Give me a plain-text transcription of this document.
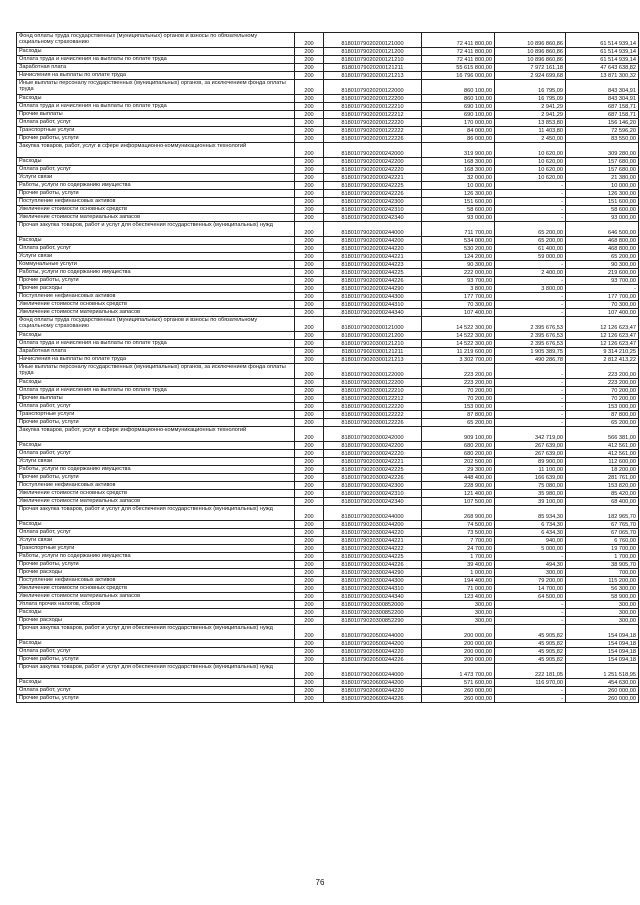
Фонд оплаты труда государственных (муниципальных) органов и взносы по обязательному социальному страхованию	200	81801079020200121000	72 411 800,00	10 896 860,86	61 514 939,14
Расходы	200	81801079020200121200	72 411 800,00	10 896 860,86	61 514 939,14
Оплата труда и начисления на выплаты по оплате труда	200	81801079020200121210	72 411 800,00	10 896 860,86	61 514 939,14
Заработная плата	200	81801079020200121211	55 615 800,00	7 972 161,18	47 643 638,82
Начисления на выплаты по оплате труда	200	81801079020200121213	16 796 000,00	2 924 699,68	13 871 300,32
Иные выплаты персоналу государственных (муниципальных) органов, за исключением фонда оплаты труда	200	81801079020200122000	860 100,00	16 795,09	843 304,91
Расходы	200	81801079020200122200	860 100,00	16 795,09	843 304,91
Оплата труда и начисления на выплаты по оплате труда	200	81801079020200122210	690 100,00	2 941,29	687 158,71
Прочие выплаты	200	81801079020200122212	690 100,00	2 941,29	687 158,71
Оплата работ, услуг	200	81801079020200122220	170 000,00	13 853,80	156 146,20
Транспортные услуги	200	81801079020200122222	84 000,00	11 403,80	72 596,20
Прочие работы, услуги	200	81801079020200122226	86 000,00	2 450,00	83 550,00
Закупка товаров, работ, услуг в сфере информационно-коммуникационных технологий	200	81801079020200242000	319 900,00	10 620,00	309 280,00
Расходы	200	81801079020200242200	168 300,00	10 620,00	157 680,00
Оплата работ, услуг	200	81801079020200242220	168 300,00	10 620,00	157 680,00
Услуги связи	200	81801079020200242221	32 000,00	10 620,00	21 380,00
Работы, услуги по содержанию имущества	200	81801079020200242225	10 000,00	-	10 000,00
Прочие работы, услуги	200	81801079020200242226	126 300,00	-	126 300,00
Поступление нефинансовых активов	200	81801079020200242300	151 600,00	-	151 600,00
Увеличение стоимости основных средств	200	81801079020200242310	58 600,00	-	58 600,00
Увеличение стоимости материальных запасов	200	81801079020200242340	93 000,00	-	93 000,00
Прочая закупка товаров, работ и услуг для обеспечения государственных (муниципальных) нужд	200	81801079020200244000	711 700,00	65 200,00	646 500,00
Расходы	200	81801079020200244200	534 000,00	65 200,00	468 800,00
Оплата работ, услуг	200	81801079020200244220	530 200,00	61 400,00	468 800,00
Услуги связи	200	81801079020200244221	124 200,00	59 000,00	65 200,00
Коммунальные услуги	200	81801079020200244223	90 300,00	-	90 300,00
Работы, услуги по содержанию имущества	200	81801079020200244225	222 000,00	2 400,00	219 600,00
Прочие работы, услуги	200	81801079020200244226	93 700,00	-	93 700,00
Прочие расходы	200	81801079020200244290	3 800,00	3 800,00	-
Поступление нефинансовых активов	200	81801079020200244300	177 700,00	-	177 700,00
Увеличение стоимости основных средств	200	81801079020200244310	70 300,00	-	70 300,00
Увеличение стоимости материальных запасов	200	81801079020200244340	107 400,00	-	107 400,00
Фонд оплаты труда государственных (муниципальных) органов и взносы по обязательному социальному страхованию	200	81801079020300121000	14 522 300,00	2 395 676,53	12 126 623,47
Расходы	200	81801079020300121200	14 522 300,00	2 395 676,53	12 126 623,47
Оплата труда и начисления на выплаты по оплате труда	200	81801079020300121210	14 522 300,00	2 395 676,53	12 126 623,47
Заработная плата	200	81801079020300121211	11 219 600,00	1 905 389,75	9 314 210,25
Начисления на выплаты по оплате труда	200	81801079020300121213	3 302 700,00	490 286,78	2 812 413,22
Иные выплаты персоналу государственных (муниципальных) органов, за исключением фонда оплаты труда	200	81801079020300122000	223 200,00	-	223 200,00
Расходы	200	81801079020300122200	223 200,00	-	223 200,00
Оплата труда и начисления на выплаты по оплате труда	200	81801079020300122210	70 200,00	-	70 200,00
Прочие выплаты	200	81801079020300122212	70 200,00	-	70 200,00
Оплата работ, услуг	200	81801079020300122220	153 000,00	-	153 000,00
Транспортные услуги	200	81801079020300122222	87 800,00	-	87 800,00
Прочие работы, услуги	200	81801079020300122226	65 200,00	-	65 200,00
Закупка товаров, работ, услуг в сфере информационно-коммуникационных технологий	200	81801079020300242000	909 100,00	342 719,00	566 381,00
Расходы	200	81801079020300242200	680 200,00	267 639,00	412 561,00
Оплата работ, услуг	200	81801079020300242220	680 200,00	267 639,00	412 561,00
Услуги связи	200	81801079020300242221	202 500,00	89 900,00	112 600,00
Работы, услуги по содержанию имущества	200	81801079020300242225	29 300,00	11 100,00	18 200,00
Прочие работы, услуги	200	81801079020300242226	448 400,00	166 639,00	281 761,00
Поступление нефинансовых активов	200	81801079020300242300	228 900,00	75 080,00	153 820,00
Увеличение стоимости основных средств	200	81801079020300242310	121 400,00	35 980,00	85 420,00
Увеличение стоимости материальных запасов	200	81801079020300242340	107 500,00	39 100,00	68 400,00
Прочая закупка товаров, работ и услуг для обеспечения государственных (муниципальных) нужд	200	81801079020300244000	268 900,00	85 934,30	182 965,70
Расходы	200	81801079020300244200	74 500,00	6 734,30	67 765,70
Оплата работ, услуг	200	81801079020300244220	73 500,00	6 434,30	67 065,70
Услуги связи	200	81801079020300244221	7 700,00	940,00	6 760,00
Транспортные услуги	200	81801079020300244222	24 700,00	5 000,00	19 700,00
Работы, услуги по содержанию имущества	200	81801079020300244225	1 700,00	-	1 700,00
Прочие работы, услуги	200	81801079020300244226	39 400,00	494,30	38 905,70
Прочие расходы	200	81801079020300244290	1 000,00	300,00	700,00
Поступление нефинансовых активов	200	81801079020300244300	194 400,00	79 200,00	115 200,00
Увеличение стоимости основных средств	200	81801079020300244310	71 000,00	14 700,00	56 300,00
Увеличение стоимости материальных запасов	200	81801079020300244340	123 400,00	64 500,00	58 900,00
Уплата прочих налогов, сборов	200	81801079020300852000	300,00	-	300,00
Расходы	200	81801079020300852200	300,00	-	300,00
Прочие расходы	200	81801079020300852290	300,00	-	300,00
Прочая закупка товаров, работ и услуг для обеспечения государственных (муниципальных) нужд	200	81801079020500244000	200 000,00	45 905,82	154 094,18
Расходы	200	81801079020500244200	200 000,00	45 905,82	154 094,18
Оплата работ, услуг	200	81801079020500244220	200 000,00	45 905,82	154 094,18
Прочие работы, услуги	200	81801079020500244226	200 000,00	45 905,82	154 094,18
Прочая закупка товаров, работ и услуг для обеспечения государственных (муниципальных) нужд	200	81801079020600244000	1 473 700,00	222 181,05	1 251 518,95
Расходы	200	81801079020600244200	571 600,00	116 970,00	454 630,00
Оплата работ, услуг	200	81801079020600244220	260 000,00	-	260 000,00
Прочие работы, услуги	200	81801079020600244226	260 000,00	-	260 000,00
76
